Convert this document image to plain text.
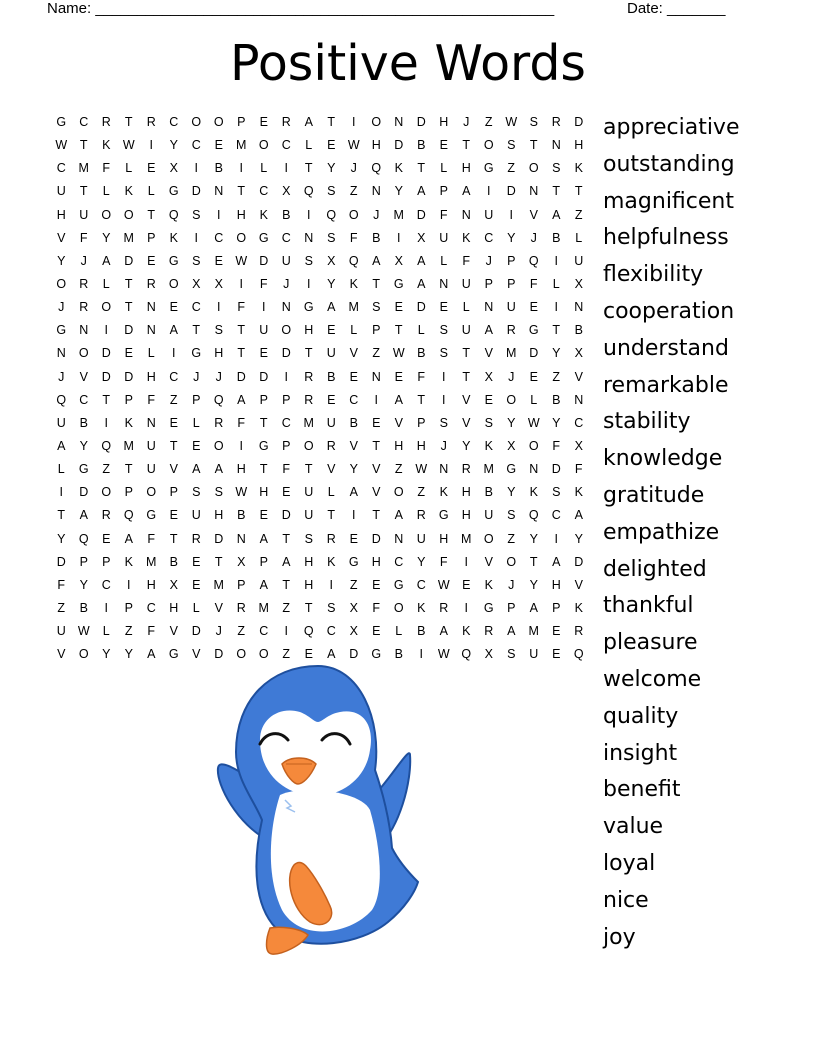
Name: _______________________________________________________	Date: _______
Positive Words
G	C	R	T	R	C	O	O	P	E	R	A	T	I	O	N	D	H	J	Z	W S	R	D
W	T	K W	I	Y	C	E	M O	C	L	E W H	D	B	E	T	O	S	T	N	H
C	M	F	L	E	X	I	B	I	L	I	T	Y	J	Q	K	T	L	H	G	Z	O	S	K
U	T	L	K	L	G	D	N	T	C	X	Q	S	Z	N	Y	A	P	A	I	D	N	T	T
H	U	O	O	T	Q	S	I	H	K	B	I	Q	O	J	M	D	F	N	U	I	V	A	Z
V	F	Y	M	P	K	I	C	O	G	C	N	S	F	B	I	X	U	K	C	Y	J	B	L
Y	J	A	D	E	G	S	E W D	U	S	X	Q	A	X	A	L	F	J	P	Q	I	U
O	R	L	T	R	O	X	X	I	F	J	I	Y	K	T	G	A	N	U	P	P	F	L	X
J	R	O	T	N	E	C	I	F	I	N	G	A	M	S	E	D	E	L	N	U	E	I	N
G	N	I	D	N	A	T	S	T	U	O	H	E	L	P	T	L	S	U	A	R	G	T	B
N	O	D	E	L	I	G	H	T	E	D	T	U	V	Z	W B	S	T	V	M	D	Y	X
J	V	D	D	H	C	J	J	D	D	I	R	B	E	N	E	F	I	T	X	J	E	Z	V
Q	C	T	P	F	Z	P	Q	A	P	P	R	E	C	I	A	T	I	V	E	O	L	B	N
U	B	I	K	N	E	L	R	F	T	C	M	U	B	E	V	P	S	V	S	Y W Y	C
A	Y	Q M	U	T	E	O	I	G	P	O	R	V	T	H	H	J	Y	K	X	O	F	X
L	G	Z	T	U	V	A	A	H	T	F	T	V	Y	V	Z	W N	R	M G	N	D	F
I	D	O	P	O	P	S	S W H	E	U	L	A	V	O	Z	K	H	B	Y	K	S	K
T	A	R	Q	G	E	U	H	B	E	D	U	T	I	T	A	R	G	H	U	S	Q	C	A
Y	Q	E	A	F	T	R	D	N	A	T	S	R	E	D	N	U	H	M O	Z	Y	I	Y
D	P	P	K	M	B	E	T	X	P	A	H	K	G	H	C	Y	F	I	V	O	T	A	D
F	Y	C	I	H	X	E	M	P	A	T	H	I	Z	E	G	C W E	K	J	Y	H	V
Z	B	I	P	C	H	L	V	R	M	Z	T	S	X	F	O	K	R	I	G	P	A	P	K
U W	L	Z	F	V	D	J	Z	C	I	Q	C	X	E	L	B	A	K	R	A	M	E	R
V	O	Y	Y	A	G	V	D	O	O	Z	E	A	D	G	B	I	W Q	X	S	U	E	Q
appreciative
outstanding
magnificent
helpfulness
flexibility
cooperation
understand
remarkable
stability
knowledge
gratitude
empathize
delighted
thankful
pleasure
welcome
quality
insight
benefit
value
loyal
nice
joy
